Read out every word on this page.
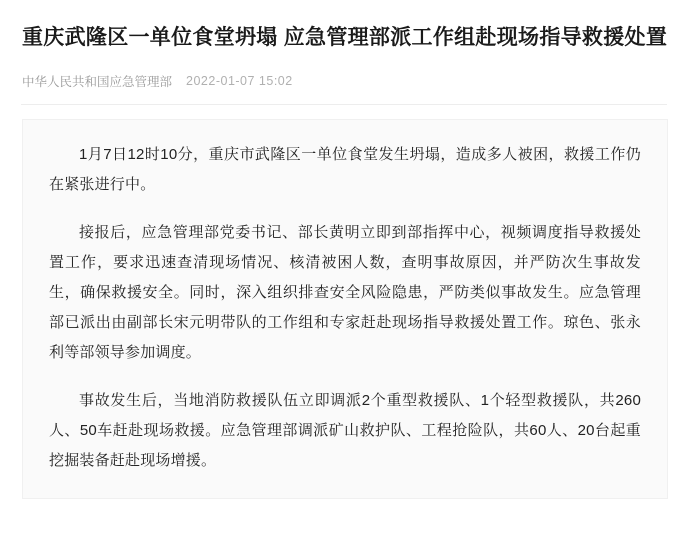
重庆武隆区一单位食堂坍塌 应急管理部派工作组赴现场指导救援处置
中华人民共和国应急管理部 2022-01-07 15:02

1月7日12时10分，重庆市武隆区一单位食堂发生坍塌，造成多人被困，救援工作仍在紧张进行中。

接报后，应急管理部党委书记、部长黄明立即到部指挥中心，视频调度指导救援处置工作，要求迅速查清现场情况、核清被困人数，查明事故原因，并严防次生事故发生，确保救援安全。同时，深入组织排查安全风险隐患，严防类似事故发生。应急管理部已派出由副部长宋元明带队的工作组和专家赶赴现场指导救援处置工作。琼色、张永利等部领导参加调度。

事故发生后，当地消防救援队伍立即调派2个重型救援队、1个轻型救援队，共260人、50车赶赴现场救援。应急管理部调派矿山救护队、工程抢险队，共60人、20台起重挖掘装备赶赴现场增援。
